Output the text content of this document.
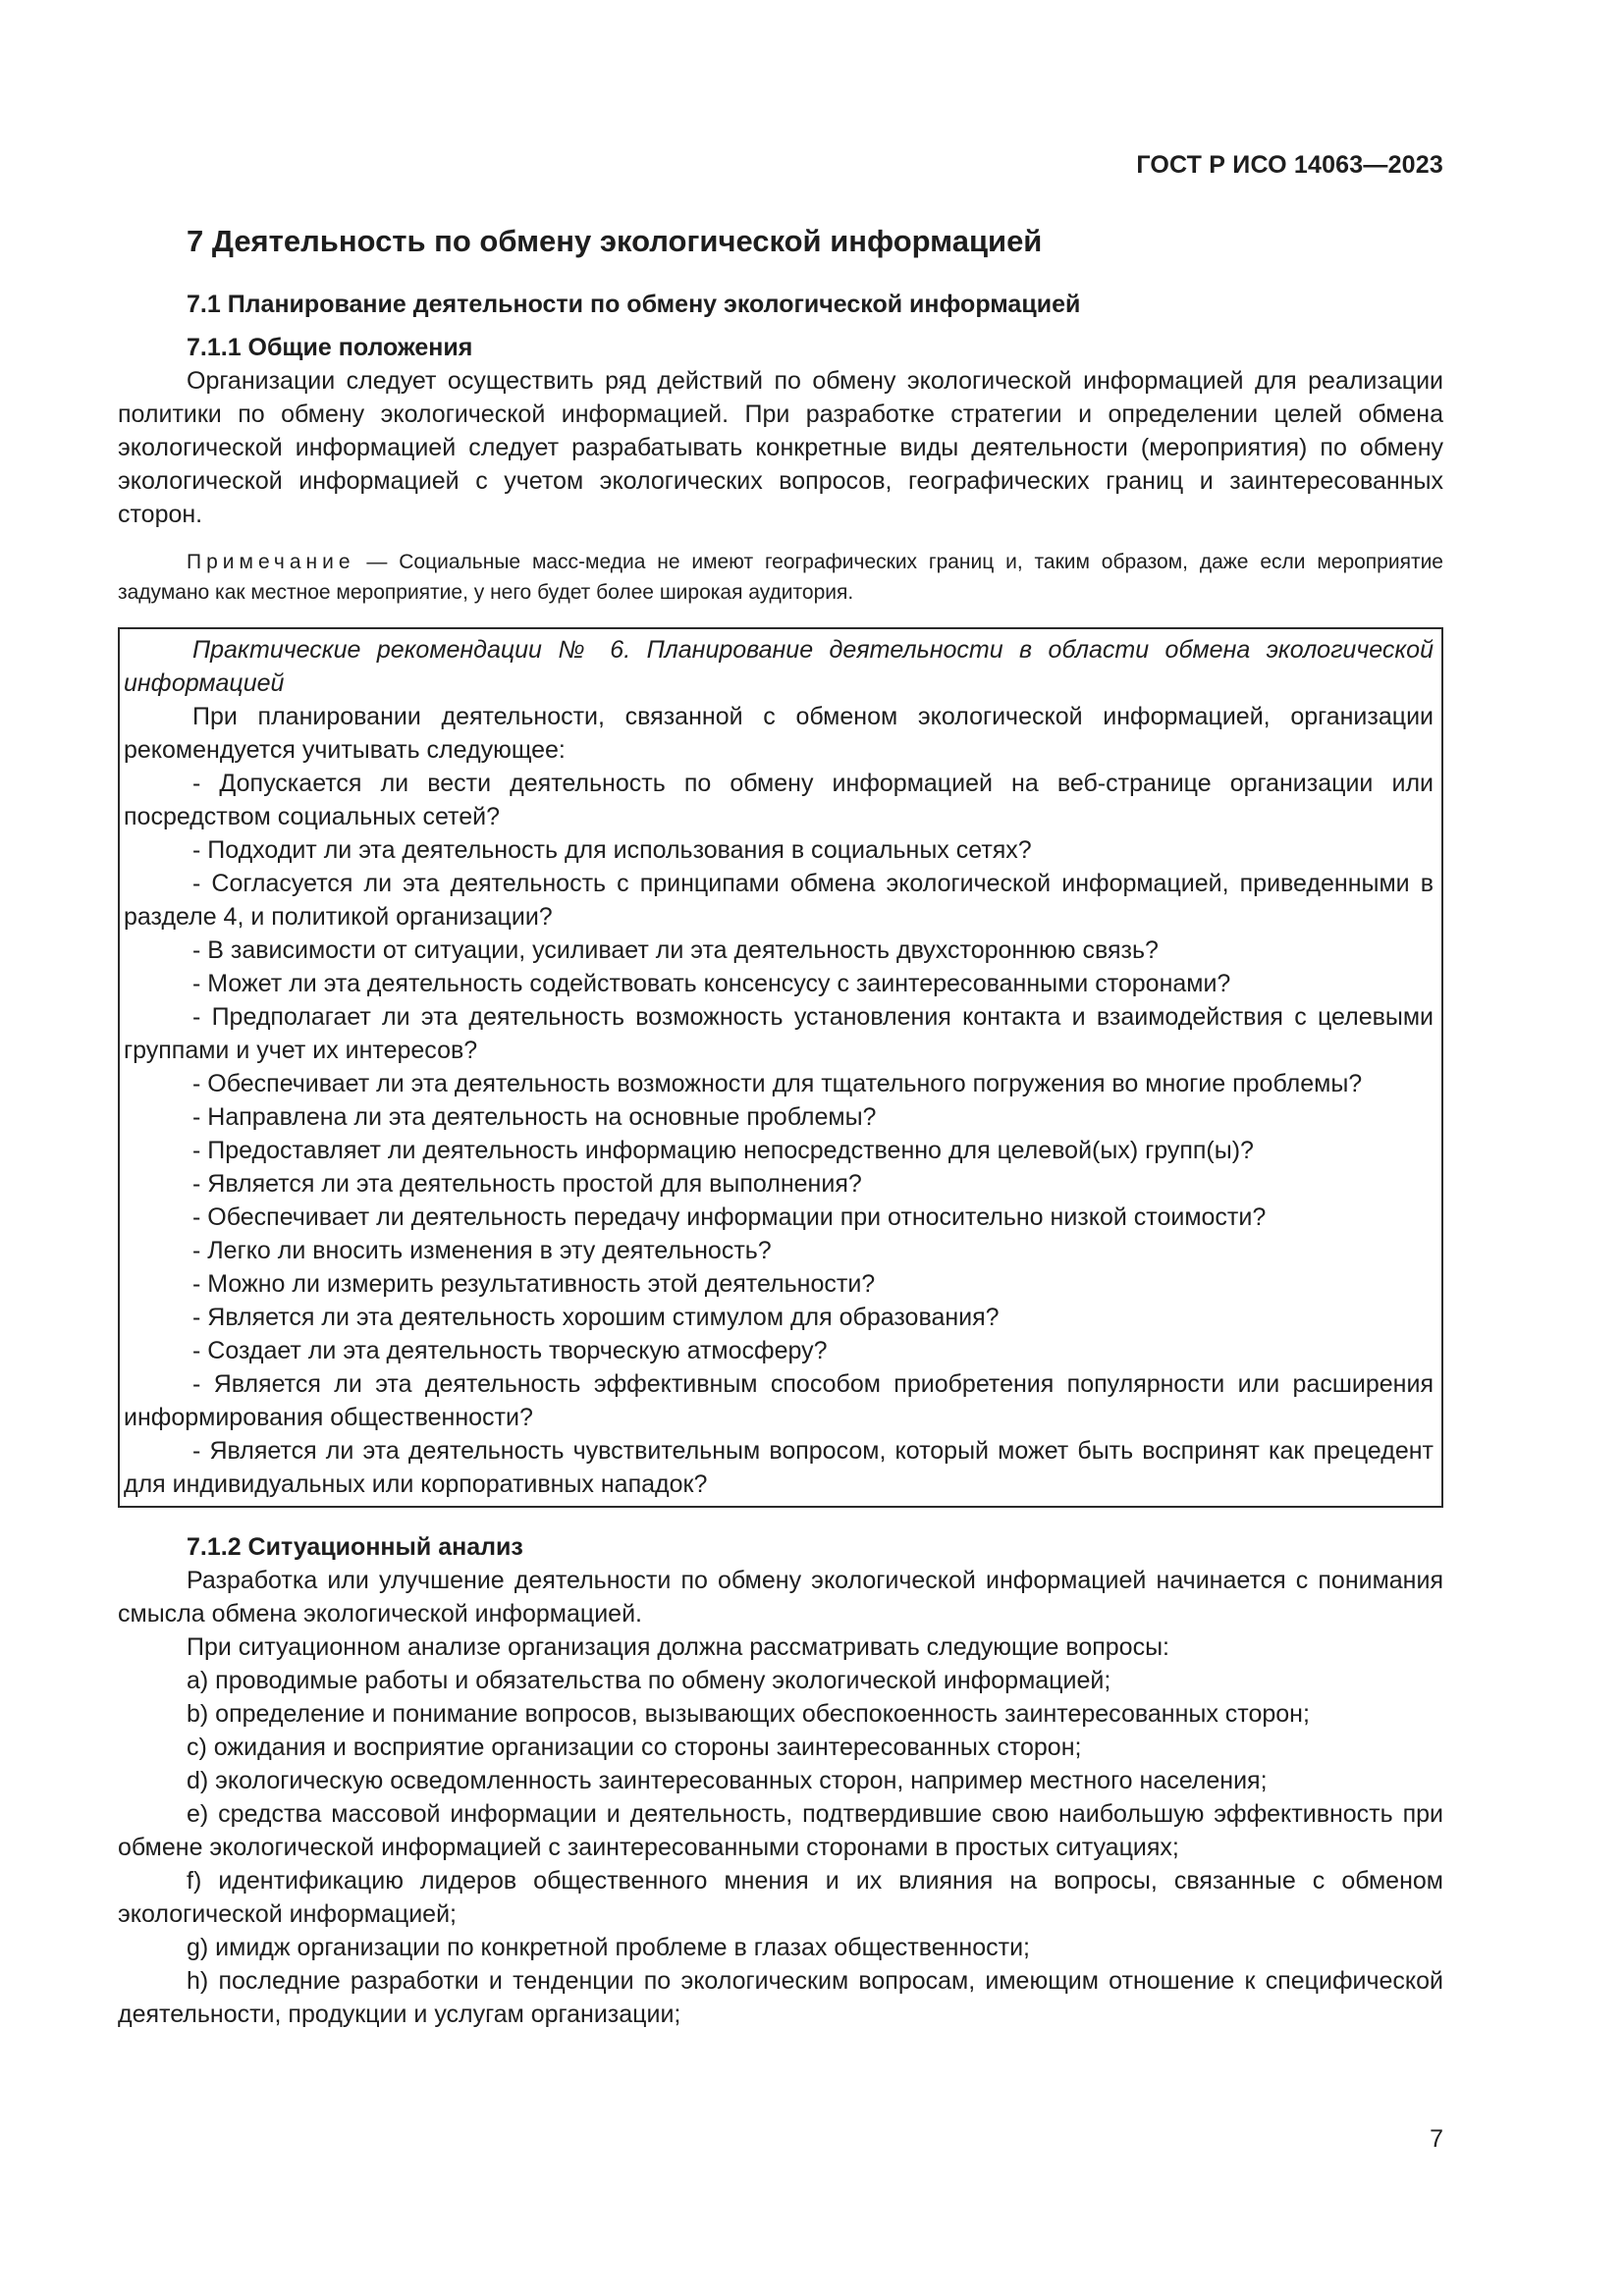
ГОСТ Р ИСО 14063—2023
7 Деятельность по обмену экологической информацией
7.1 Планирование деятельности по обмену экологической информацией
7.1.1 Общие положения

Организации следует осуществить ряд действий по обмену экологической информацией для реализации политики по обмену экологической информацией. При разработке стратегии и определении целей обмена экологической информацией следует разрабатывать конкретные виды деятельности (мероприятия) по обмену экологической информацией с учетом экологических вопросов, географических границ и заинтересованных сторон.

Примечание — Социальные масс-медиа не имеют географических границ и, таким образом, даже если мероприятие задумано как местное мероприятие, у него будет более широкая аудитория.

Практические рекомендации № 6. Планирование деятельности в области обмена экологической информацией

При планировании деятельности, связанной с обменом экологической информацией, организации рекомендуется учитывать следующее:

- Допускается ли вести деятельность по обмену информацией на веб-странице организации или посредством социальных сетей?

- Подходит ли эта деятельность для использования в социальных сетях?

- Согласуется ли эта деятельность с принципами обмена экологической информацией, приведенными в разделе 4, и политикой организации?

- В зависимости от ситуации, усиливает ли эта деятельность двухстороннюю связь?

- Может ли эта деятельность содействовать консенсусу с заинтересованными сторонами?

- Предполагает ли эта деятельность возможность установления контакта и взаимодействия с целевыми группами и учет их интересов?

- Обеспечивает ли эта деятельность возможности для тщательного погружения во многие проблемы?

- Направлена ли эта деятельность на основные проблемы?

- Предоставляет ли деятельность информацию непосредственно для целевой(ых) групп(ы)?

- Является ли эта деятельность простой для выполнения?

- Обеспечивает ли деятельность передачу информации при относительно низкой стоимости?

- Легко ли вносить изменения в эту деятельность?

- Можно ли измерить результативность этой деятельности?

- Является ли эта деятельность хорошим стимулом для образования?

- Создает ли эта деятельность творческую атмосферу?

- Является ли эта деятельность эффективным способом приобретения популярности или расширения информирования общественности?

- Является ли эта деятельность чувствительным вопросом, который может быть воспринят как прецедент для индивидуальных или корпоративных нападок?

7.1.2 Ситуационный анализ

Разработка или улучшение деятельности по обмену экологической информацией начинается с понимания смысла обмена экологической информацией.

При ситуационном анализе организация должна рассматривать следующие вопросы:

a) проводимые работы и обязательства по обмену экологической информацией;

b) определение и понимание вопросов, вызывающих обеспокоенность заинтересованных сторон;

c) ожидания и восприятие организации со стороны заинтересованных сторон;

d) экологическую осведомленность заинтересованных сторон, например местного населения;

e) средства массовой информации и деятельность, подтвердившие свою наибольшую эффективность при обмене экологической информацией с заинтересованными сторонами в простых ситуациях;

f) идентификацию лидеров общественного мнения и их влияния на вопросы, связанные с обменом экологической информацией;

g) имидж организации по конкретной проблеме в глазах общественности;

h) последние разработки и тенденции по экологическим вопросам, имеющим отношение к специфической деятельности, продукции и услугам организации;

7
